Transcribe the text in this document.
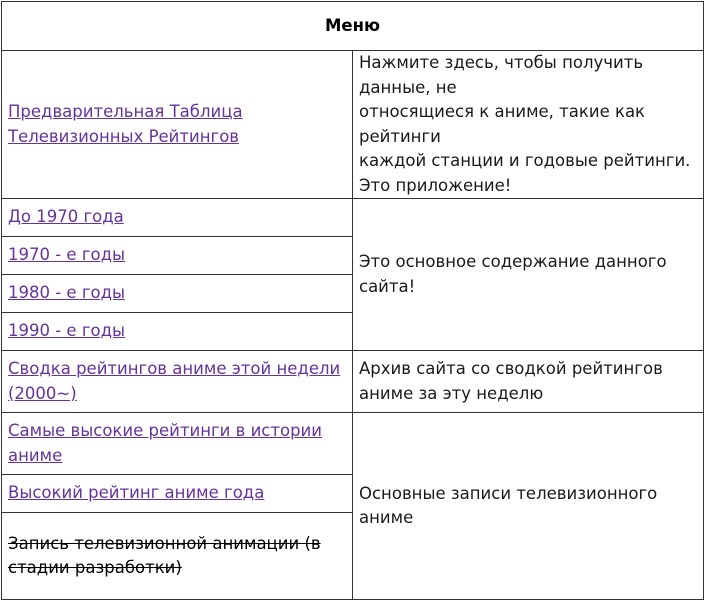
Меню	
Предварительная Таблица Телевизионных Рейтингов	Нажмите здесь, чтобы получить данные, не
относящиеся к аниме, такие как рейтинги
каждой станции и годовые рейтинги.
Это приложение!

До 1970 года	Это основное содержание данного сайта!
1970 - е годы	
1980 - е годы	
1990 - е годы	
Сводка рейтингов аниме этой недели (2000~)	Архив сайта со сводкой рейтингов аниме за эту неделю
Самые высокие рейтинги в истории аниме	Основные записи телевизионного аниме
Высокий рейтинг аниме года	
Запись телевизионной анимации (в стадии разработки)	
